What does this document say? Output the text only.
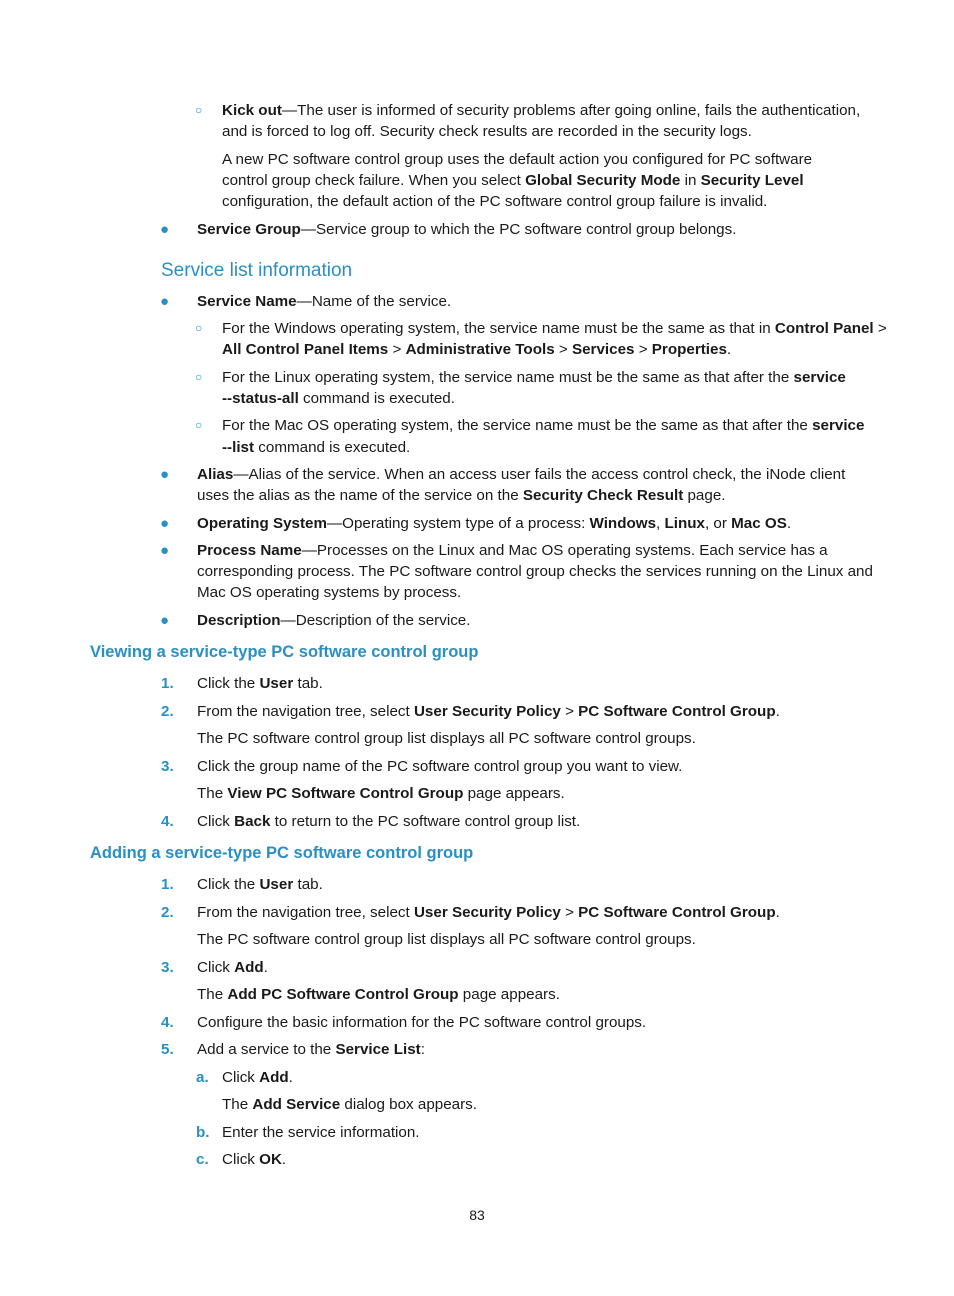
○ Kick out—The user is informed of security problems after going online, fails the authentication,
and is forced to log off. Security check results are recorded in the security logs.
A new PC software control group uses the default action you configured for PC software
control group check failure. When you select Global Security Mode in Security Level
configuration, the default action of the PC software control group failure is invalid.
● Service Group—Service group to which the PC software control group belongs.
Service list information
● Service Name—Name of the service.
○ For the Windows operating system, the service name must be the same as that in Control Panel >
All Control Panel Items > Administrative Tools > Services > Properties.
○ For the Linux operating system, the service name must be the same as that after the service
--status-all command is executed.
○ For the Mac OS operating system, the service name must be the same as that after the service
--list command is executed.
● Alias—Alias of the service. When an access user fails the access control check, the iNode client
uses the alias as the name of the service on the Security Check Result page.
● Operating System—Operating system type of a process: Windows, Linux, or Mac OS.
● Process Name—Processes on the Linux and Mac OS operating systems. Each service has a
corresponding process. The PC software control group checks the services running on the Linux and
Mac OS operating systems by process.
● Description—Description of the service.
Viewing a service-type PC software control group
1. Click the User tab.
2. From the navigation tree, select User Security Policy > PC Software Control Group.
The PC software control group list displays all PC software control groups.
3. Click the group name of the PC software control group you want to view.
The View PC Software Control Group page appears.
4. Click Back to return to the PC software control group list.
Adding a service-type PC software control group
1. Click the User tab.
2. From the navigation tree, select User Security Policy > PC Software Control Group.
The PC software control group list displays all PC software control groups.
3. Click Add.
The Add PC Software Control Group page appears.
4. Configure the basic information for the PC software control groups.
5. Add a service to the Service List:
a. Click Add.
The Add Service dialog box appears.
b. Enter the service information.
c. Click OK.
83
